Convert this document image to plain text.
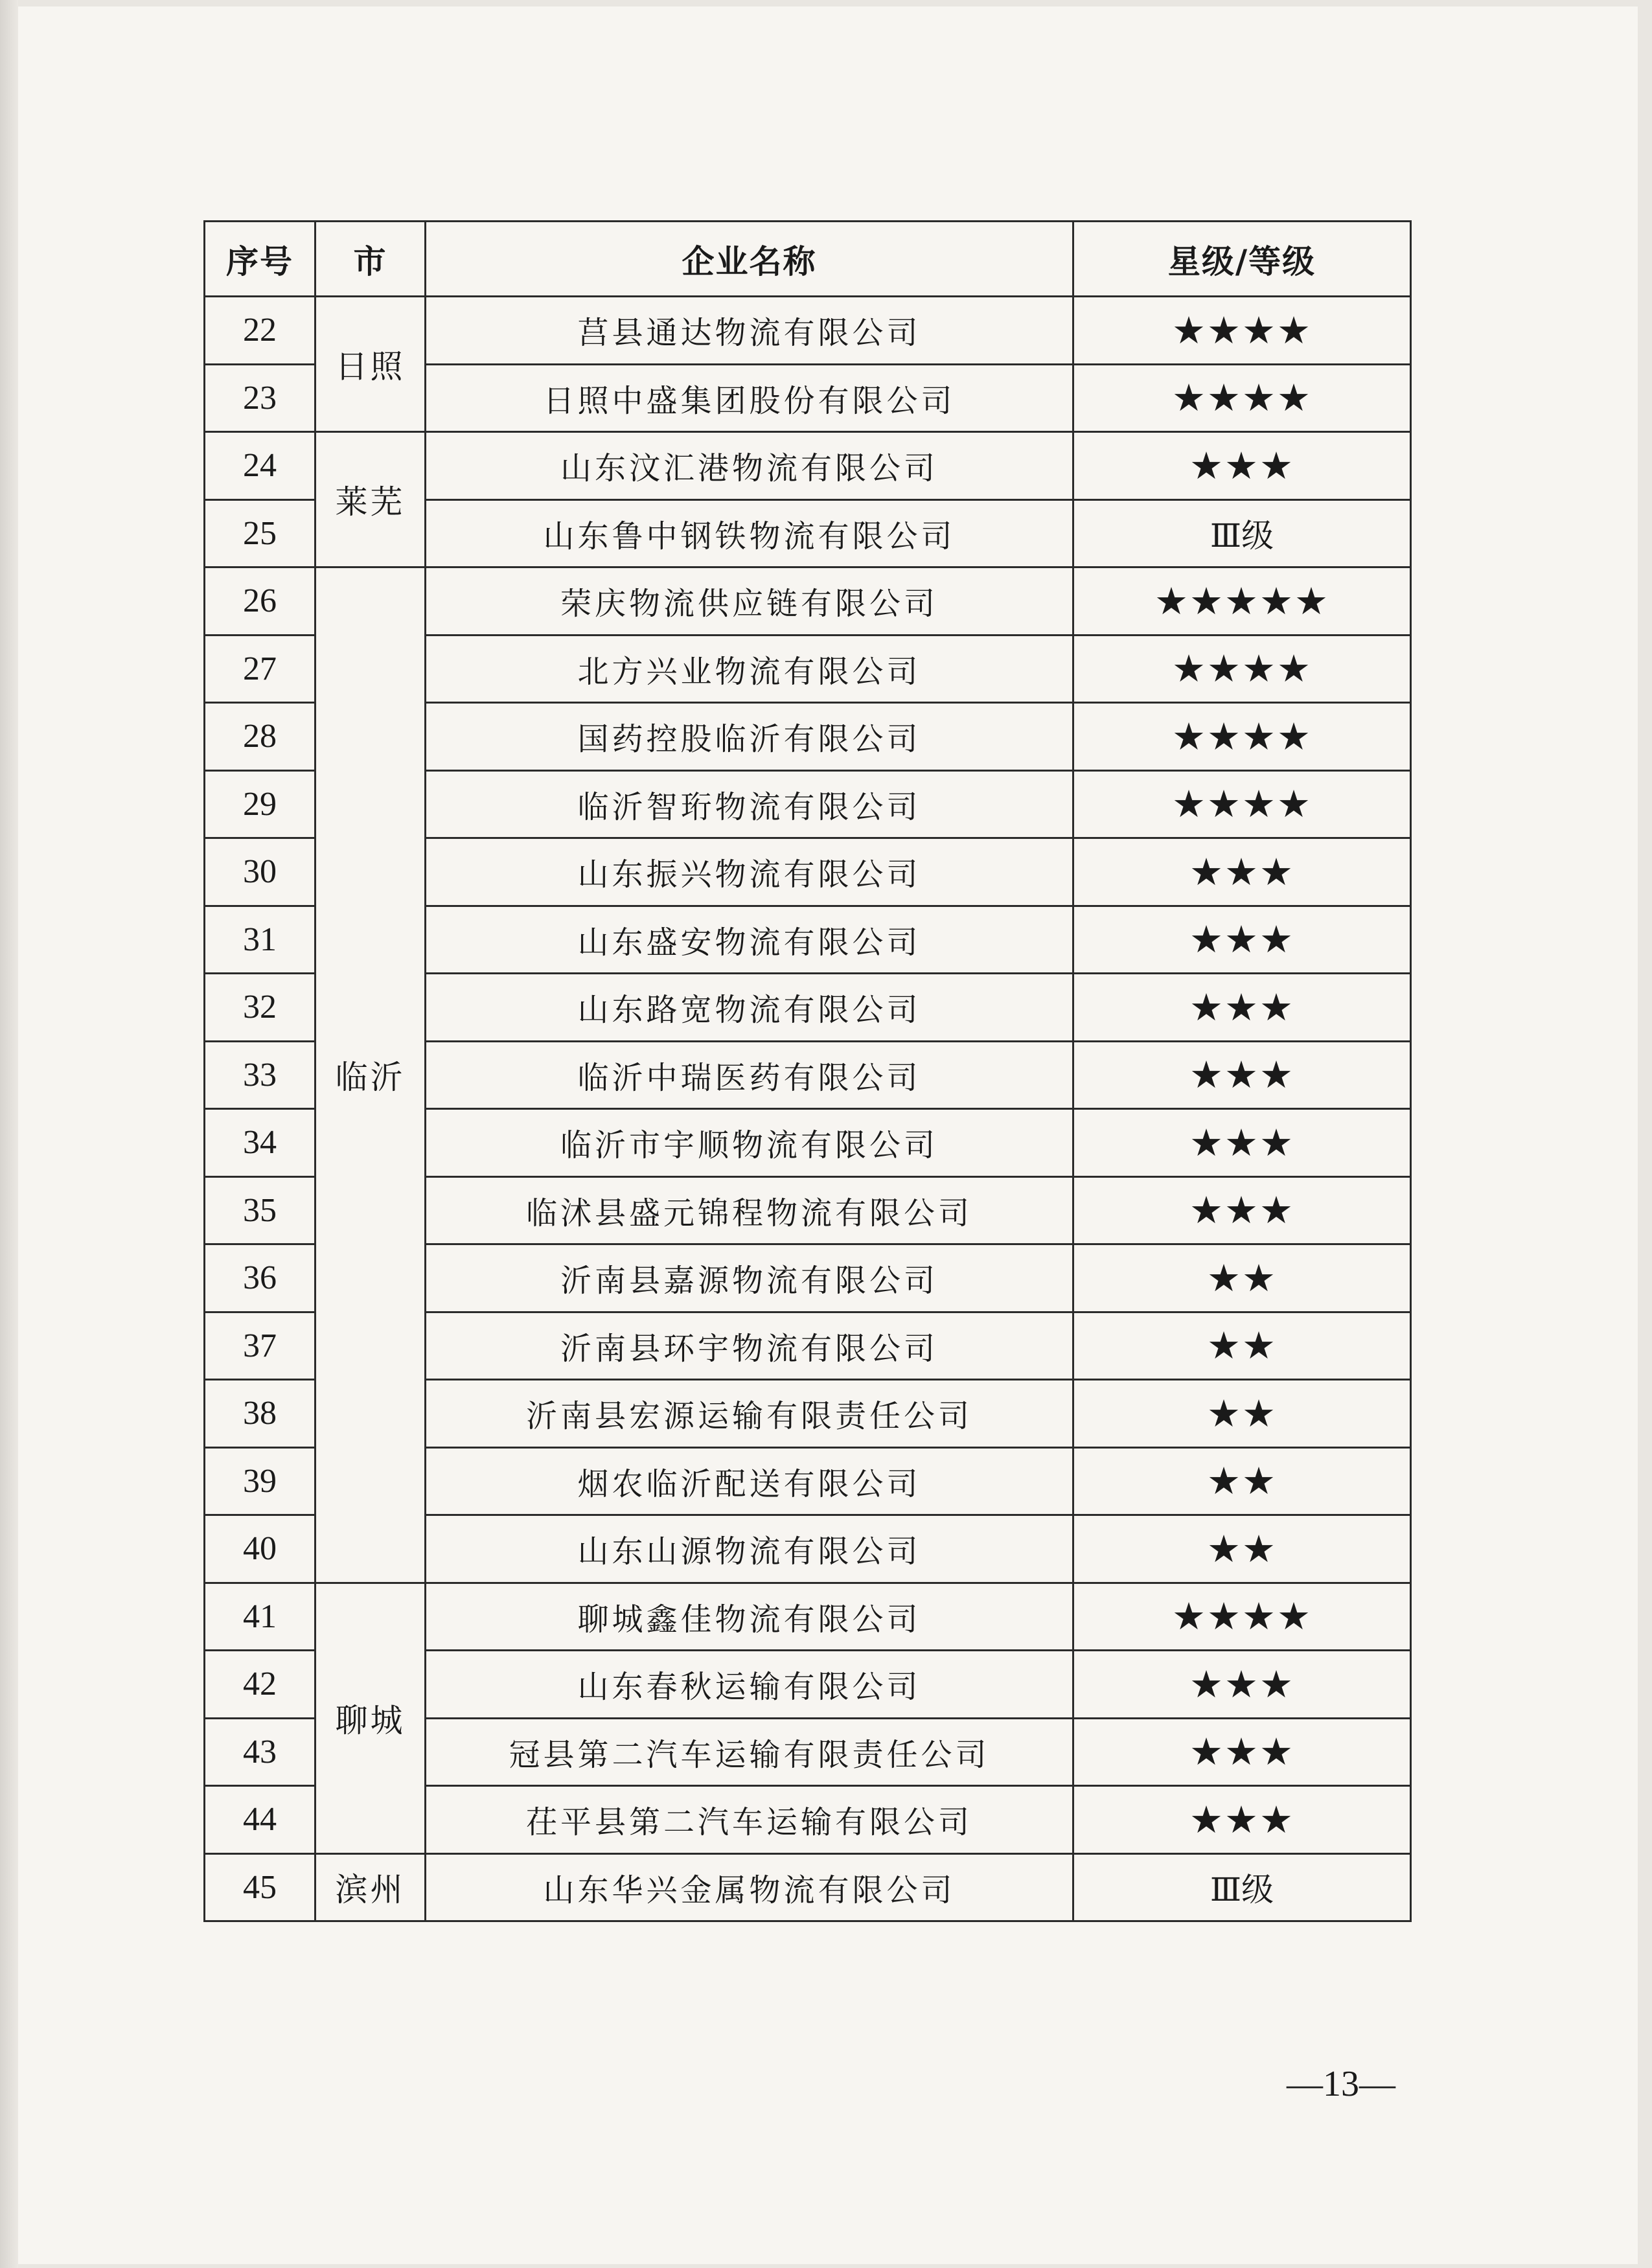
序号	市	企业名称	星级/等级
22	日照	莒县通达物流有限公司	★★★★
23		日照中盛集团股份有限公司	★★★★
24	莱芜	山东汶汇港物流有限公司	★★★
25		山东鲁中钢铁物流有限公司	Ⅲ级
26	临沂	荣庆物流供应链有限公司	★★★★★
27		北方兴业物流有限公司	★★★★
28		国药控股临沂有限公司	★★★★
29		临沂智珩物流有限公司	★★★★
30		山东振兴物流有限公司	★★★
31		山东盛安物流有限公司	★★★
32		山东路宽物流有限公司	★★★
33		临沂中瑞医药有限公司	★★★
34		临沂市宇顺物流有限公司	★★★
35		临沭县盛元锦程物流有限公司	★★★
36		沂南县嘉源物流有限公司	★★
37		沂南县环宇物流有限公司	★★
38		沂南县宏源运输有限责任公司	★★
39		烟农临沂配送有限公司	★★
40		山东山源物流有限公司	★★
41	聊城	聊城鑫佳物流有限公司	★★★★
42		山东春秋运输有限公司	★★★
43		冠县第二汽车运输有限责任公司	★★★
44		茌平县第二汽车运输有限公司	★★★
45	滨州	山东华兴金属物流有限公司	Ⅲ级
—13—
